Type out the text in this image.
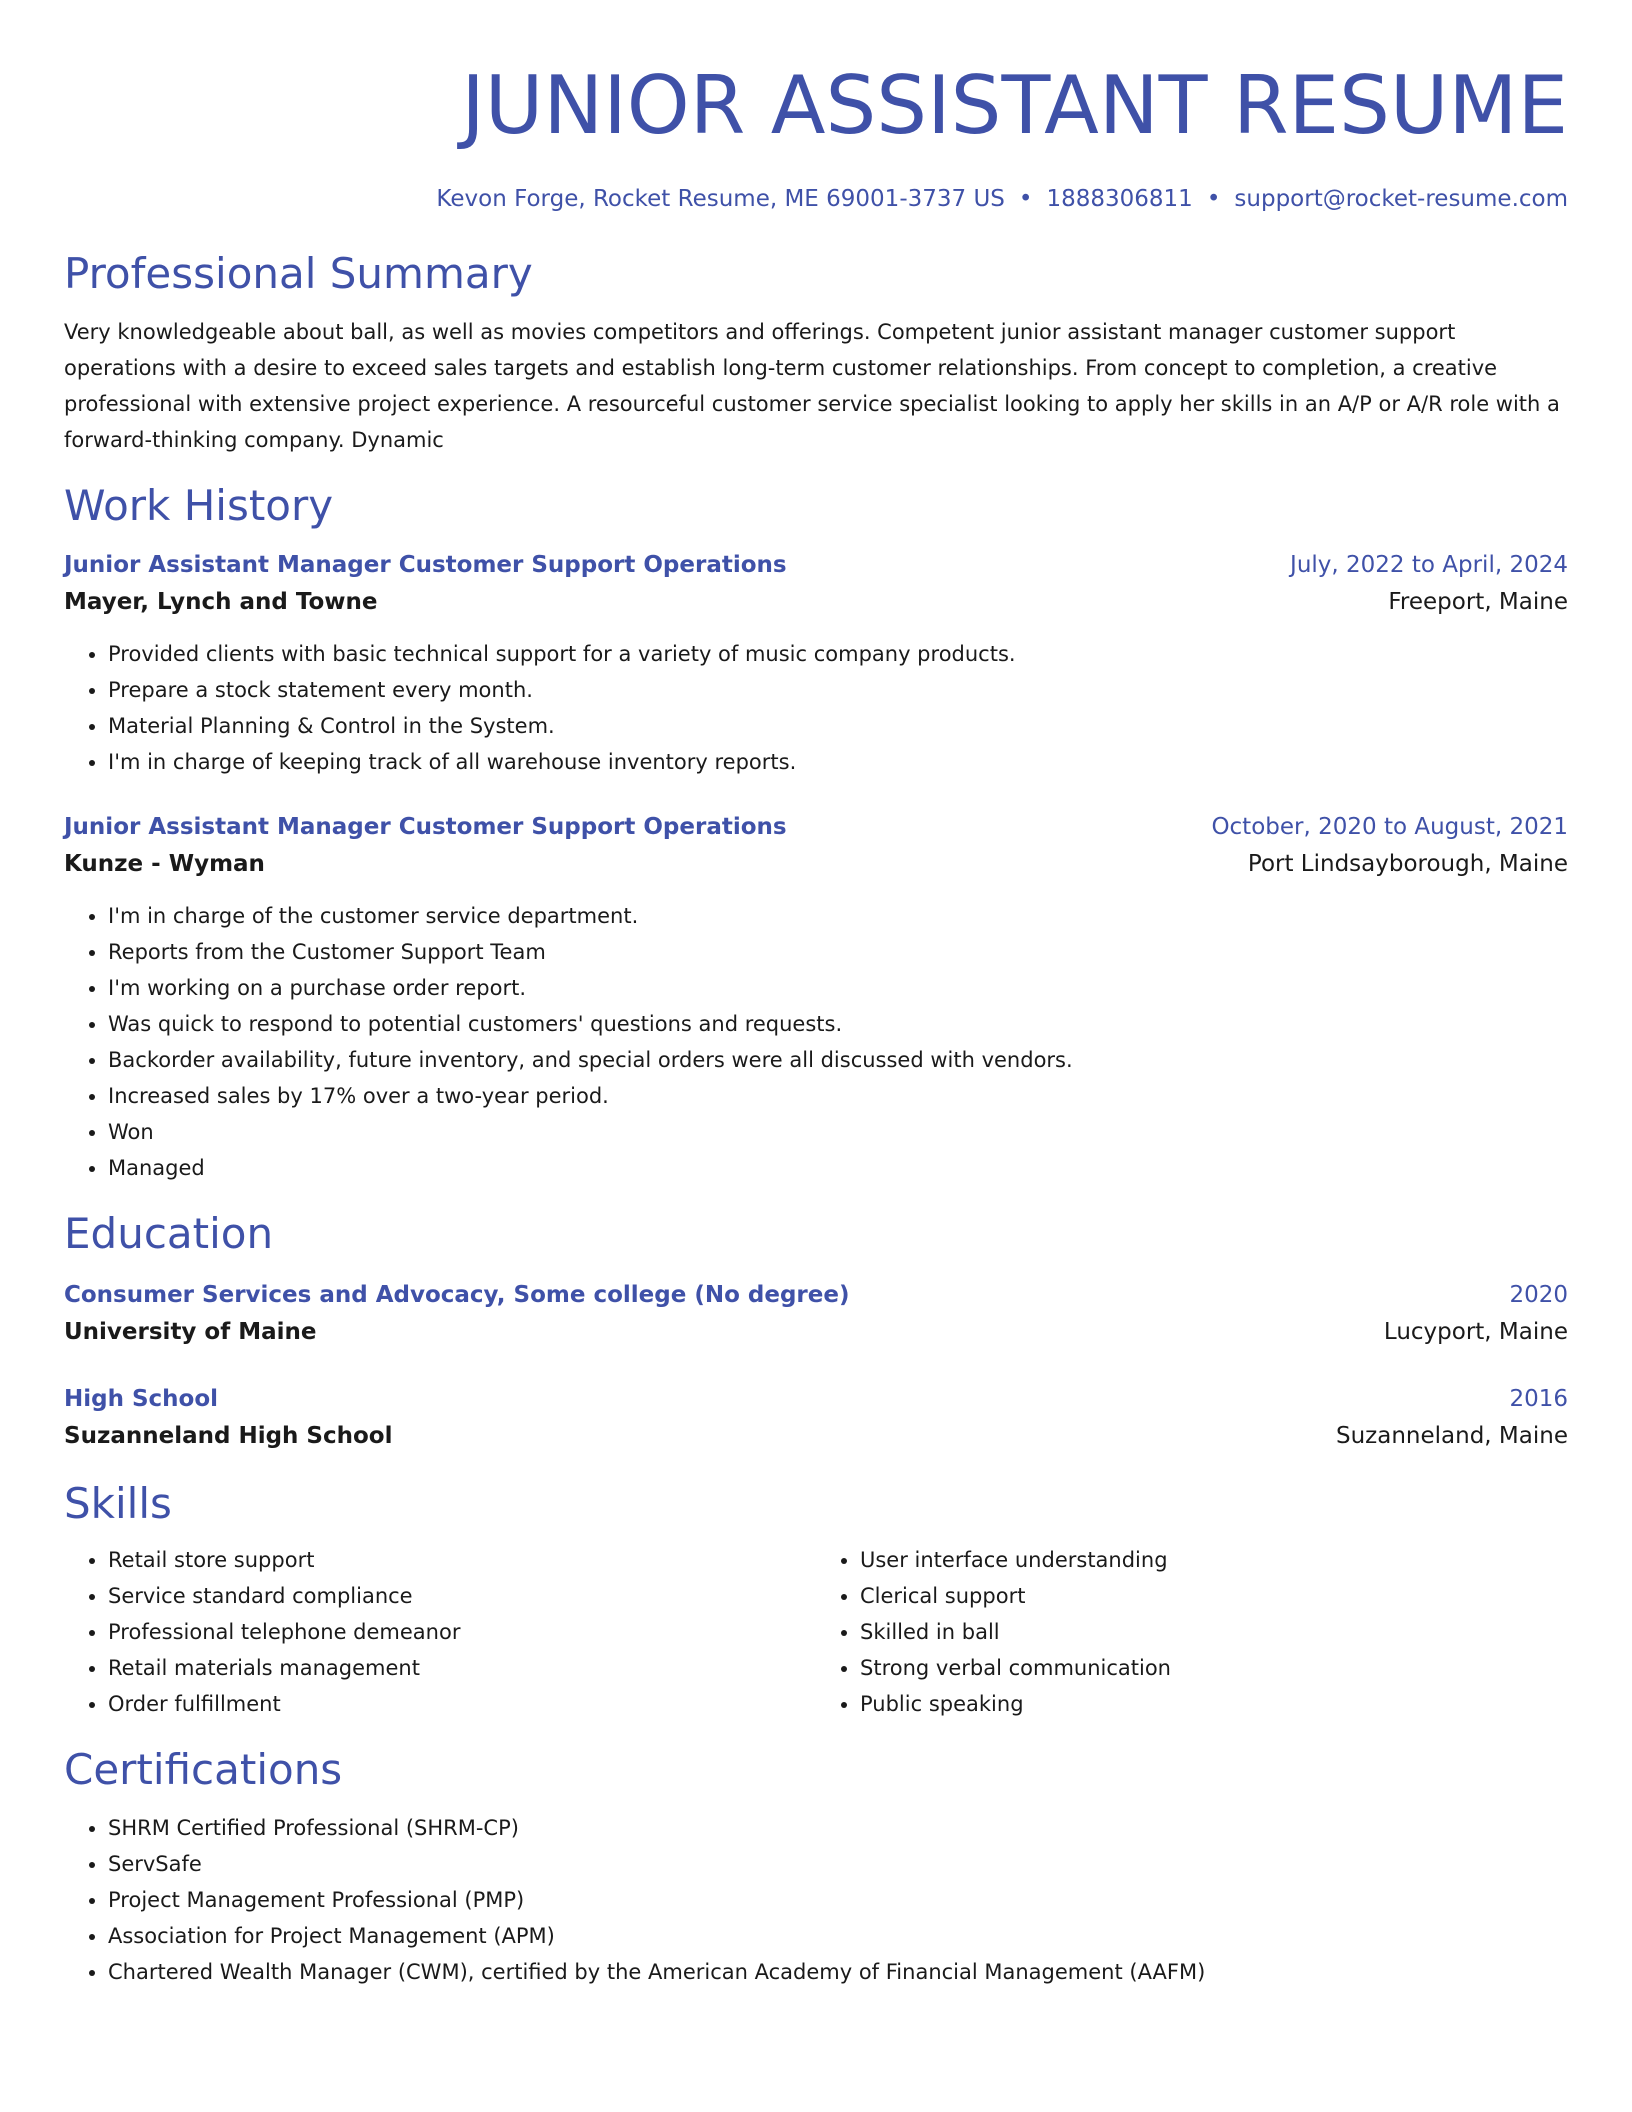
JUNIOR ASSISTANT RESUME
Kevon Forge, Rocket Resume, ME 69001-3737 US • 1888306811 • support@rocket-resume.com
Professional Summary
Very knowledgeable about ball, as well as movies competitors and offerings. Competent junior assistant manager customer support operations with a desire to exceed sales targets and establish long-term customer relationships. From concept to completion, a creative professional with extensive project experience. A resourceful customer service specialist looking to apply her skills in an A/P or A/R role with a forward-thinking company. Dynamic
Work History
Junior Assistant Manager Customer Support Operations	July, 2022 to April, 2024
Mayer, Lynch and Towne	Freeport, Maine
• Provided clients with basic technical support for a variety of music company products.
• Prepare a stock statement every month.
• Material Planning & Control in the System.
• I'm in charge of keeping track of all warehouse inventory reports.
Junior Assistant Manager Customer Support Operations	October, 2020 to August, 2021
Kunze - Wyman	Port Lindsayborough, Maine
• I'm in charge of the customer service department.
• Reports from the Customer Support Team
• I'm working on a purchase order report.
• Was quick to respond to potential customers' questions and requests.
• Backorder availability, future inventory, and special orders were all discussed with vendors.
• Increased sales by 17% over a two-year period.
• Won
• Managed
Education
Consumer Services and Advocacy, Some college (No degree)	2020
University of Maine	Lucyport, Maine
High School	2016
Suzanneland High School	Suzanneland, Maine
Skills
• Retail store support
• Service standard compliance
• Professional telephone demeanor
• Retail materials management
• Order fulfillment
• User interface understanding
• Clerical support
• Skilled in ball
• Strong verbal communication
• Public speaking
Certifications
• SHRM Certified Professional (SHRM-CP)
• ServSafe
• Project Management Professional (PMP)
• Association for Project Management (APM)
• Chartered Wealth Manager (CWM), certified by the American Academy of Financial Management (AAFM)
